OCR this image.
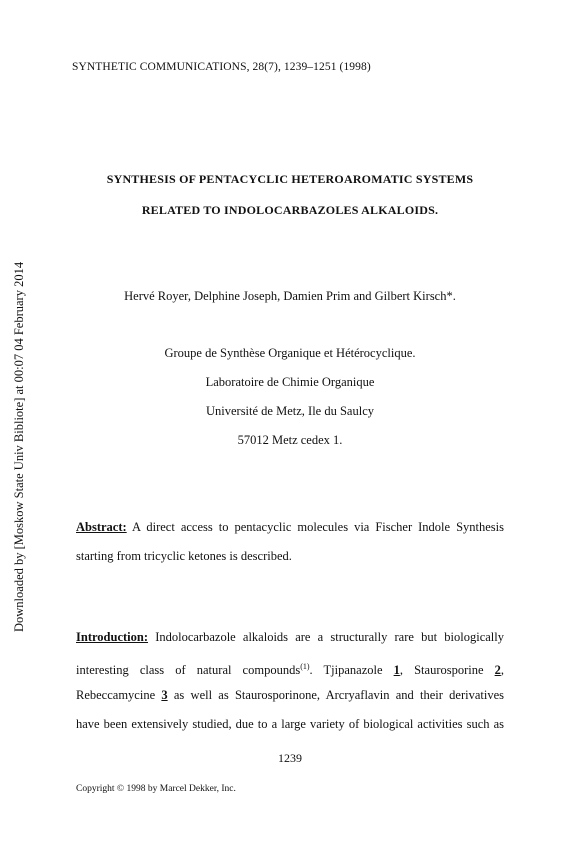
SYNTHETIC COMMUNICATIONS, 28(7), 1239–1251 (1998)
SYNTHESIS OF PENTACYCLIC HETEROAROMATIC SYSTEMS
RELATED TO INDOLOCARBAZOLES ALKALOIDS.
Hervé Royer, Delphine Joseph, Damien Prim and Gilbert Kirsch*.
Groupe de Synthèse Organique et Hétérocyclique.
Laboratoire de Chimie Organique
Université de Metz, Ile du Saulcy
57012 Metz cedex 1.
Abstract: A direct access to pentacyclic molecules via Fischer Indole Synthesis
starting from tricyclic ketones is described.
Introduction: Indolocarbazole alkaloids are a structurally rare but biologically
interesting class of natural compounds$^{(1)}$. Tjipanazole 1, Staurosporine 2,
Rebeccamycine 3 as well as Staurosporinone, Arcryaflavin and their derivatives
have been extensively studied, due to a large variety of biological activities such as
1239
Copyright © 1998 by Marcel Dekker, Inc.
Downloaded by [Moskow State Univ Bibliote] at 00:07 04 February 2014
